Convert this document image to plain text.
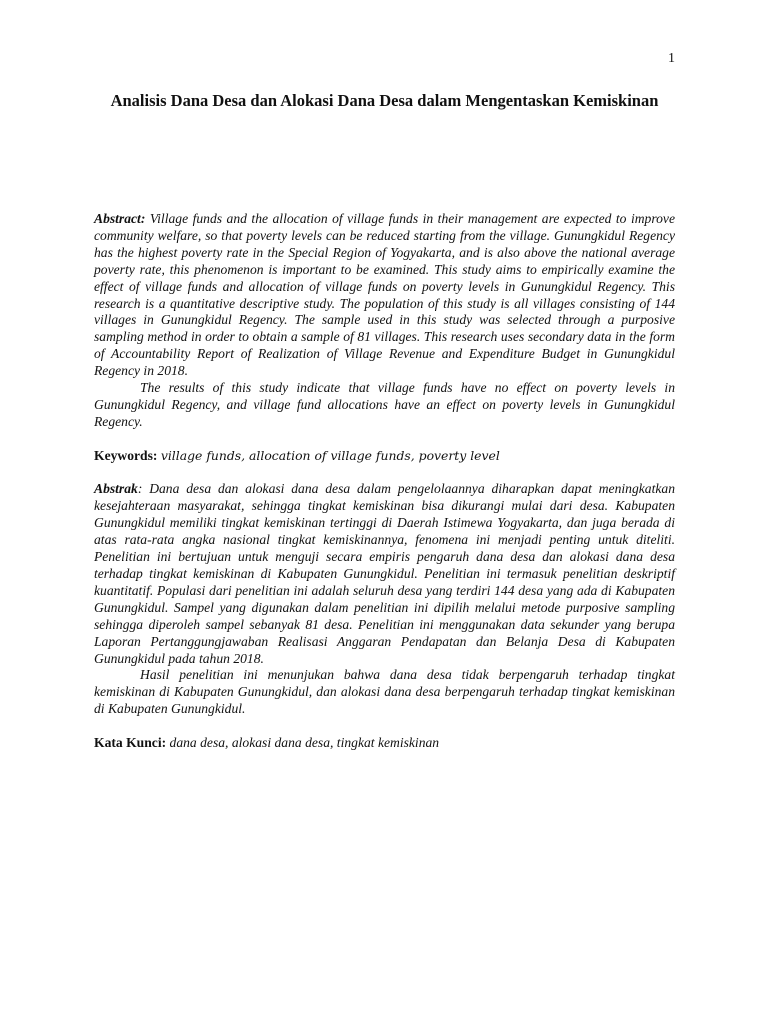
1
Analisis Dana Desa dan Alokasi Dana Desa dalam Mengentaskan Kemiskinan

Abstract: Village funds and the allocation of village funds in their management are expected to improve community welfare, so that poverty levels can be reduced starting from the village. Gunungkidul Regency has the highest poverty rate in the Special Region of Yogyakarta, and is also above the national average poverty rate, this phenomenon is important to be examined. This study aims to empirically examine the effect of village funds and allocation of village funds on poverty levels in Gunungkidul Regency. This research is a quantitative descriptive study. The population of this study is all villages consisting of 144 villages in Gunungkidul Regency. The sample used in this study was selected through a purposive sampling method in order to obtain a sample of 81 villages. This research uses secondary data in the form of Accountability Report of Realization of Village Revenue and Expenditure Budget in Gunungkidul Regency in 2018.

The results of this study indicate that village funds have no effect on poverty levels in Gunungkidul Regency, and village fund allocations have an effect on poverty levels in Gunungkidul Regency.

Keywords: village funds, allocation of village funds, poverty level

Abstrak: Dana desa dan alokasi dana desa dalam pengelolaannya diharapkan dapat meningkatkan kesejahteraan masyarakat, sehingga tingkat kemiskinan bisa dikurangi mulai dari desa. Kabupaten Gunungkidul memiliki tingkat kemiskinan tertinggi di Daerah Istimewa Yogyakarta, dan juga berada di atas rata-rata angka nasional tingkat kemiskinannya, fenomena ini menjadi penting untuk diteliti. Penelitian ini bertujuan untuk menguji secara empiris pengaruh dana desa dan alokasi dana desa terhadap tingkat kemiskinan di Kabupaten Gunungkidul. Penelitian ini termasuk penelitian deskriptif kuantitatif. Populasi dari penelitian ini adalah seluruh desa yang terdiri 144 desa yang ada di Kabupaten Gunungkidul. Sampel yang digunakan dalam penelitian ini dipilih melalui metode purposive sampling sehingga diperoleh sampel sebanyak 81 desa. Penelitian ini menggunakan data sekunder yang berupa Laporan Pertanggungjawaban Realisasi Anggaran Pendapatan dan Belanja Desa di Kabupaten Gunungkidul pada tahun 2018.

Hasil penelitian ini menunjukan bahwa dana desa tidak berpengaruh terhadap tingkat kemiskinan di Kabupaten Gunungkidul, dan alokasi dana desa berpengaruh terhadap tingkat kemiskinan di Kabupaten Gunungkidul.

Kata Kunci: dana desa, alokasi dana desa, tingkat kemiskinan
